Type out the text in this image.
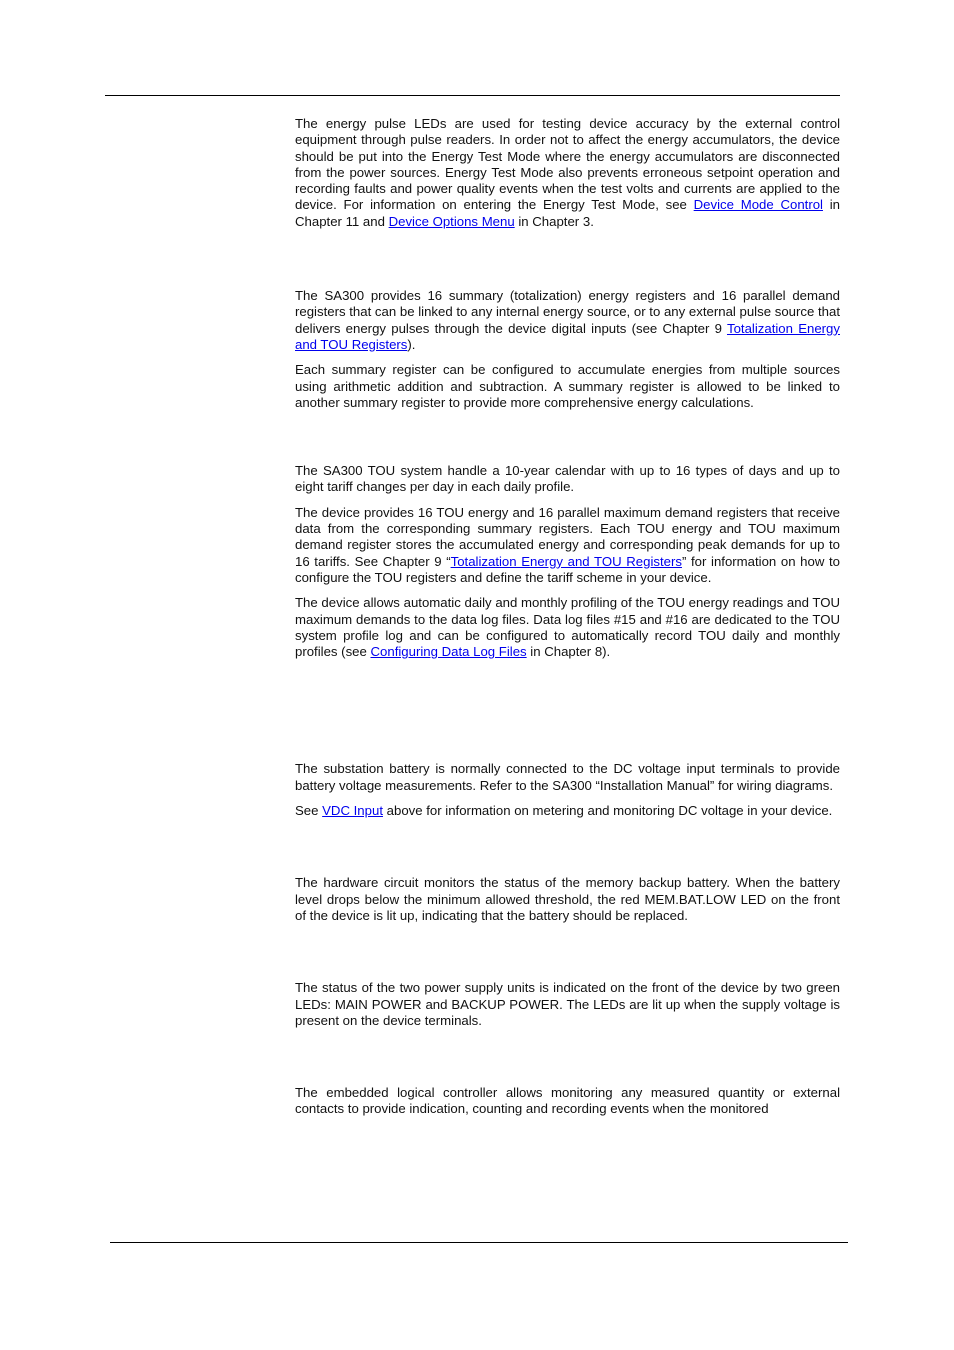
The energy pulse LEDs are used for testing device accuracy by the external control equipment through pulse readers. In order not to affect the energy accumulators, the device should be put into the Energy Test Mode where the energy accumulators are disconnected from the power sources. Energy Test Mode also prevents erroneous setpoint operation and recording faults and power quality events when the test volts and currents are applied to the device. For information on entering the Energy Test Mode, see Device Mode Control in Chapter 11 and Device Options Menu in Chapter 3.

The SA300 provides 16 summary (totalization) energy registers and 16 parallel demand registers that can be linked to any internal energy source, or to any external pulse source that delivers energy pulses through the device digital inputs (see Chapter 9 Totalization Energy and TOU Registers).

Each summary register can be configured to accumulate energies from multiple sources using arithmetic addition and subtraction. A summary register is allowed to be linked to another summary register to provide more comprehensive energy calculations.

The SA300 TOU system handle a 10-year calendar with up to 16 types of days and up to eight tariff changes per day in each daily profile.

The device provides 16 TOU energy and 16 parallel maximum demand registers that receive data from the corresponding summary registers. Each TOU energy and TOU maximum demand register stores the accumulated energy and corresponding peak demands for up to 16 tariffs. See Chapter 9 “Totalization Energy and TOU Registers” for information on how to configure the TOU registers and define the tariff scheme in your device.

The device allows automatic daily and monthly profiling of the TOU energy readings and TOU maximum demands to the data log files. Data log files #15 and #16 are dedicated to the TOU system profile log and can be configured to automatically record TOU daily and monthly profiles (see Configuring Data Log Files in Chapter 8).

The substation battery is normally connected to the DC voltage input terminals to provide battery voltage measurements. Refer to the SA300 “Installation Manual” for wiring diagrams.

See VDC Input above for information on metering and monitoring DC voltage in your device.

The hardware circuit monitors the status of the memory backup battery. When the battery level drops below the minimum allowed threshold, the red MEM.BAT.LOW LED on the front of the device is lit up, indicating that the battery should be replaced.

The status of the two power supply units is indicated on the front of the device by two green LEDs: MAIN POWER and BACKUP POWER. The LEDs are lit up when the supply voltage is present on the device terminals.

The embedded logical controller allows monitoring any measured quantity or external contacts to provide indication, counting and recording events when the monitored
